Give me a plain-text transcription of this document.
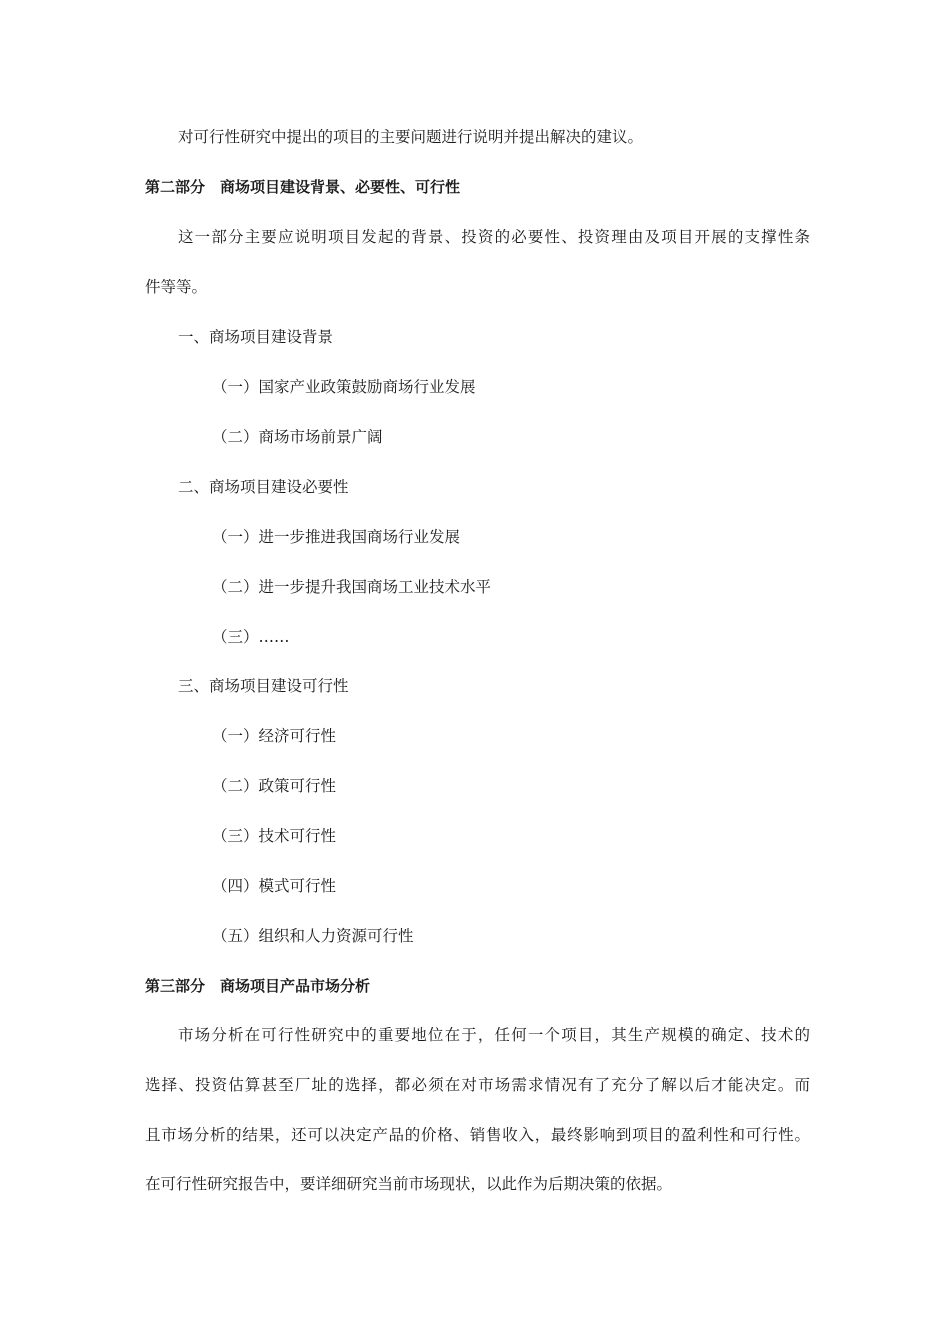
对可行性研究中提出的项目的主要问题进行说明并提出解决的建议。
第二部分　商场项目建设背景、必要性、可行性
这一部分主要应说明项目发起的背景、投资的必要性、投资理由及项目开展的支撑性条
件等等。
一、商场项目建设背景
（一）国家产业政策鼓励商场行业发展
（二）商场市场前景广阔
二、商场项目建设必要性
（一）进一步推进我国商场行业发展
（二）进一步提升我国商场工业技术水平
（三）……
三、商场项目建设可行性
（一）经济可行性
（二）政策可行性
（三）技术可行性
（四）模式可行性
（五）组织和人力资源可行性
第三部分　商场项目产品市场分析
市场分析在可行性研究中的重要地位在于，任何一个项目，其生产规模的确定、技术的
选择、投资估算甚至厂址的选择，都必须在对市场需求情况有了充分了解以后才能决定。而
且市场分析的结果，还可以决定产品的价格、销售收入，最终影响到项目的盈利性和可行性。
在可行性研究报告中，要详细研究当前市场现状，以此作为后期决策的依据。
